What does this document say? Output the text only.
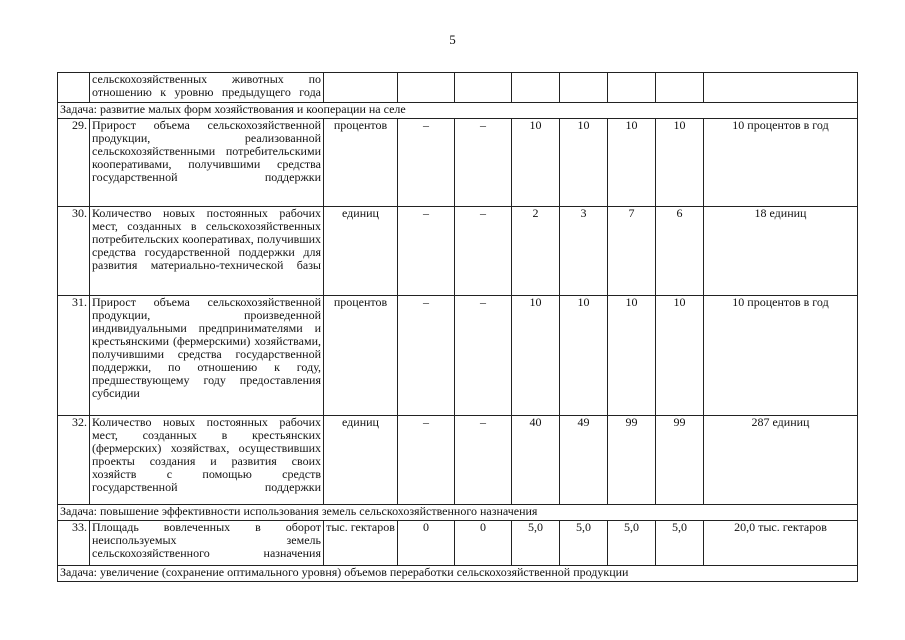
5
	сельскохозяйственных животных по отношению к уровню предыдущего года								
Задача: развитие малых форм хозяйствования и кооперации на селе									
29.	Прирост объема сельскохозяйственной продукции, реализованной сельскохозяйственными потребительскими кооперативами, получившими средства государственной поддержки	процентов	–	–	10	10	10	10	10 процентов в год
30.	Количество новых постоянных рабочих мест, созданных в сельскохозяйственных потребительских кооперативах, получивших средства государственной поддержки для развития материально-технической базы	единиц	–	–	2	3	7	6	18 единиц
31.	Прирост объема сельскохозяйственной продукции, произведенной индивидуальными предпринимателями и крестьянскими (фермерскими) хозяйствами, получившими средства государственной поддержки, по отношению к году, предшествующему году предоставления субсидии	процентов	–	–	10	10	10	10	10 процентов в год
32.	Количество новых постоянных рабочих мест, созданных в крестьянских (фермерских) хозяйствах, осуществивших проекты создания и развития своих хозяйств с помощью средств государственной поддержки	единиц	–	–	40	49	99	99	287 единиц
Задача: повышение эффективности использования земель сельскохозяйственного назначения									
33.	Площадь вовлеченных в оборот неиспользуемых земель сельскохозяйственного назначения	тыс. гектаров	0	0	5,0	5,0	5,0	5,0	20,0 тыс. гектаров
Задача: увеличение (сохранение оптимального уровня) объемов переработки сельскохозяйственной продукции									
